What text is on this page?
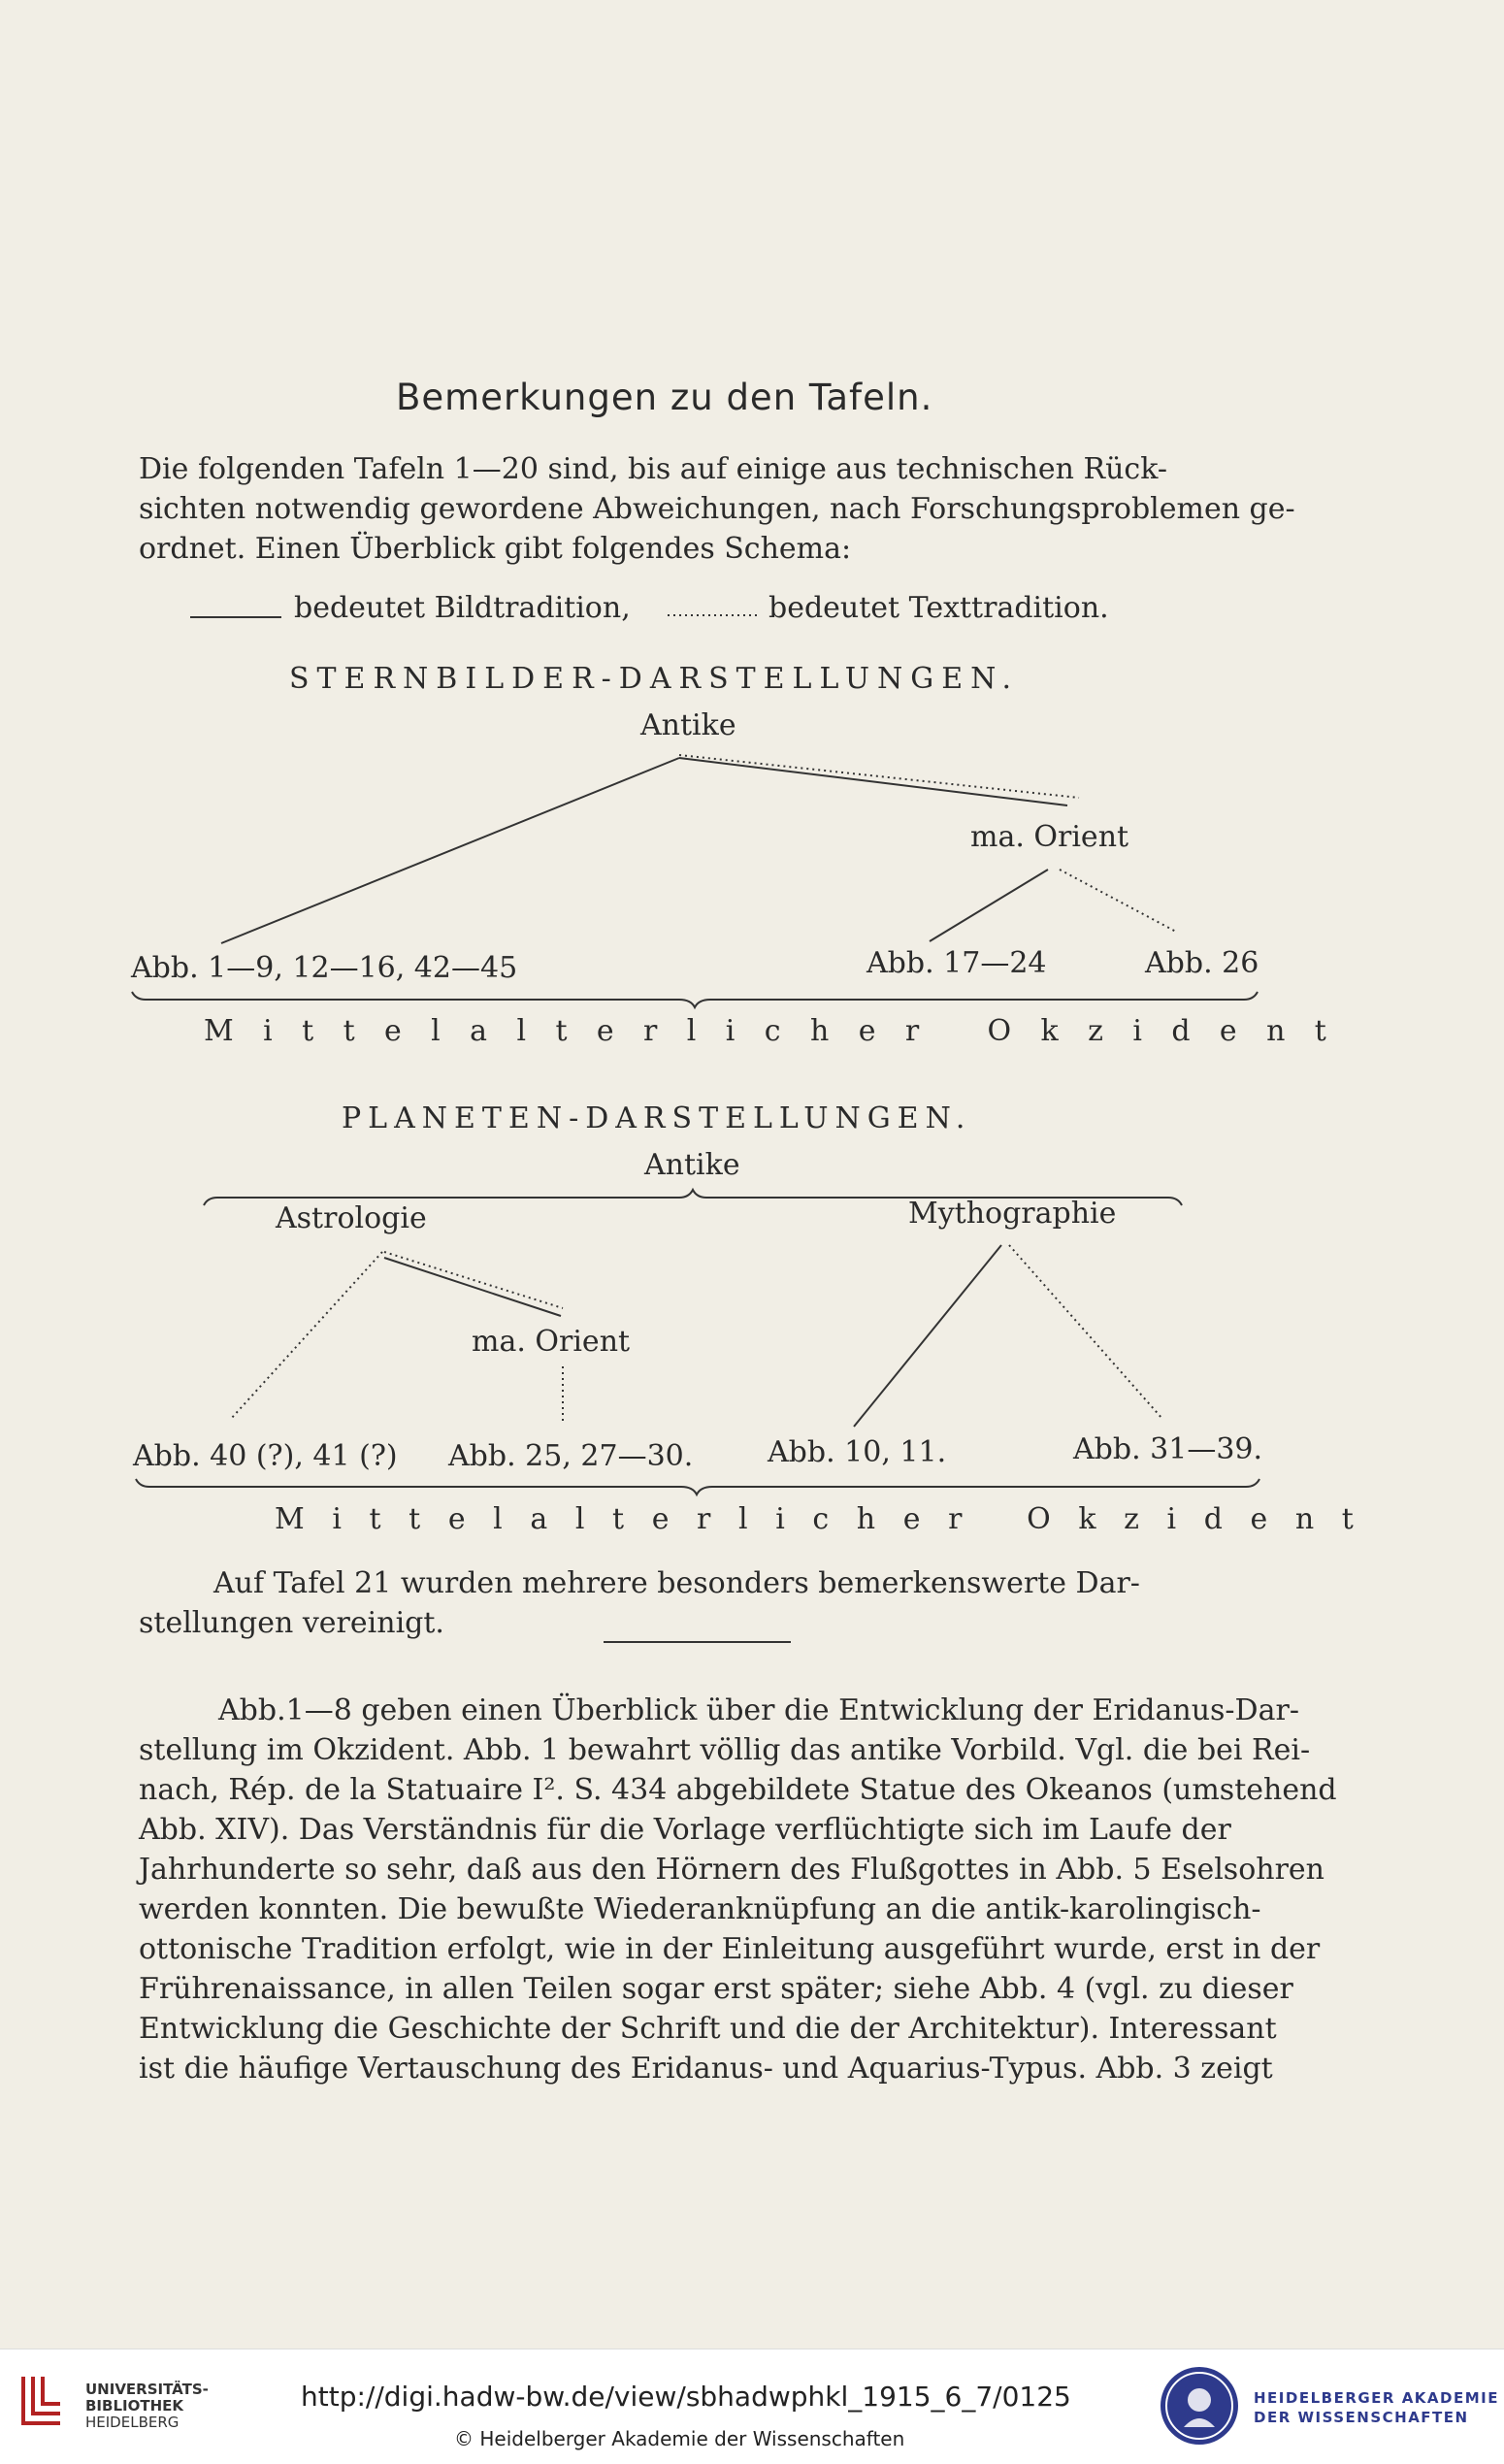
Bemerkungen zu den Tafeln.
Die folgenden Tafeln 1—20 sind, bis auf einige aus technischen Rück-
sichten notwendig gewordene Abweichungen, nach Forschungsproblemen ge-
ordnet. Einen Überblick gibt folgendes Schema:
bedeutet Bildtradition,	bedeutet Texttradition.
STERNBILDER-DARSTELLUNGEN.
Antike
ma. Orient
Abb. 1—9, 12—16, 42—45	Abb. 17—24	Abb. 26
Mittelalterlicher Okzident
PLANETEN-DARSTELLUNGEN.
Antike
Astrologie	Mythographie
ma. Orient
Abb. 40 (?), 41 (?) Abb. 25, 27—30.	Abb. 10, 11.	Abb. 31—39.
Mittelalterlicher Okzident
Auf Tafel 21 wurden mehrere besonders bemerkenswerte Dar-
stellungen vereinigt.
Abb.1—8 geben einen Überblick über die Entwicklung der Eridanus-Dar-
stellung im Okzident. Abb. 1 bewahrt völlig das antike Vorbild. Vgl. die bei Rei-
nach, Rép. de la Statuaire I². S. 434 abgebildete Statue des Okeanos (umstehend
Abb. XIV). Das Verständnis für die Vorlage verflüchtigte sich im Laufe der
Jahrhunderte so sehr, daß aus den Hörnern des Flußgottes in Abb. 5 Eselsohren
werden konnten. Die bewußte Wiederanknüpfung an die antik-karolingisch-
ottonische Tradition erfolgt, wie in der Einleitung ausgeführt wurde, erst in der
Frührenaissance, in allen Teilen sogar erst später; siehe Abb. 4 (vgl. zu dieser
Entwicklung die Geschichte der Schrift und die der Architektur). Interessant
ist die häufige Vertauschung des Eridanus- und Aquarius-Typus. Abb. 3 zeigt
UNIVERSITÄTS-
BIBLIOTHEK
HEIDELBERG
http://digi.hadw-bw.de/view/sbhadwphkl_1915_6_7/0125
© Heidelberger Akademie der Wissenschaften
HEIDELBERGER AKADEMIE
DER WISSENSCHAFTEN
